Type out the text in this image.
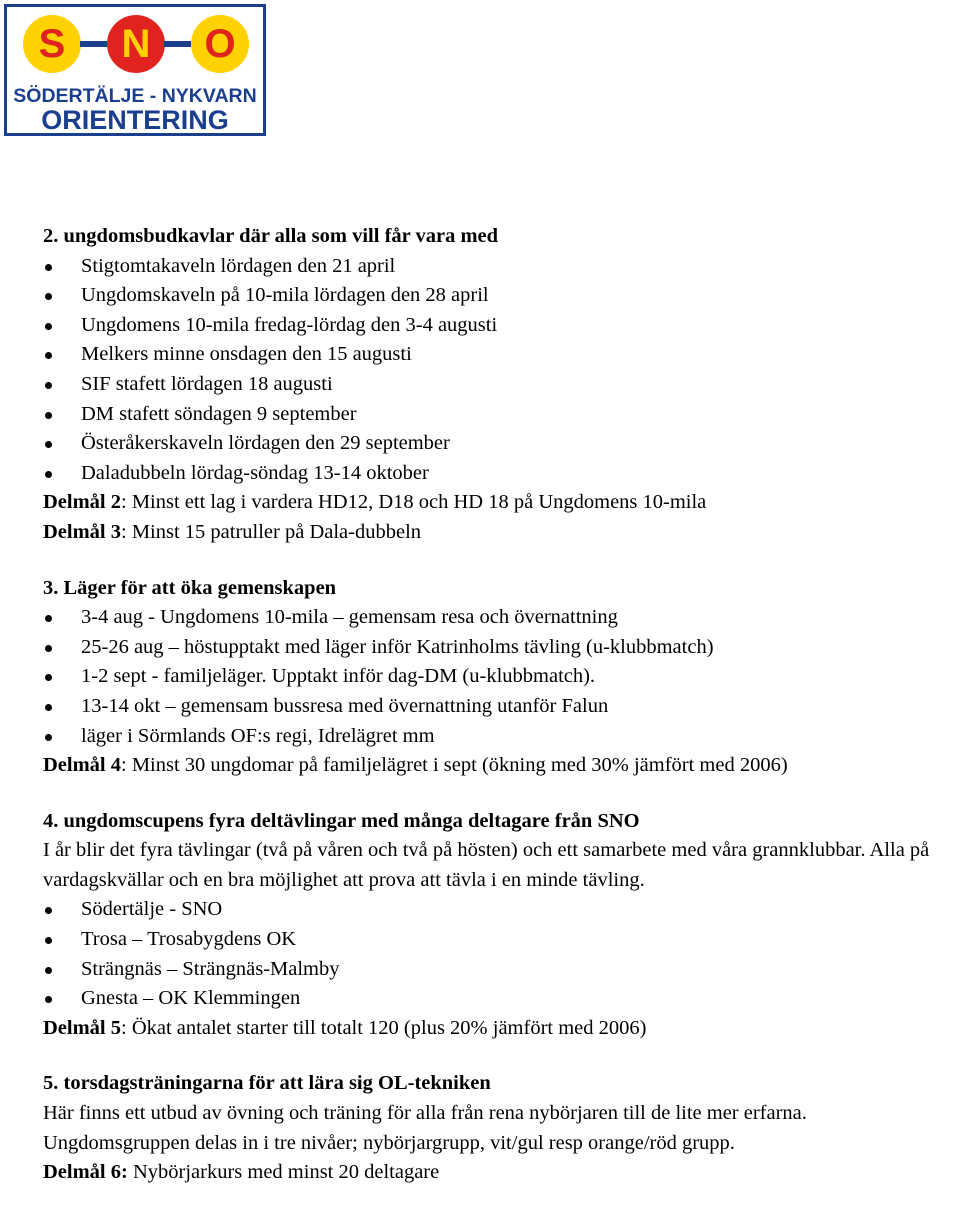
S N O
SÖDERTÄLJE - NYKVARN
ORIENTERING

2. ungdomsbudkavlar där alla som vill får vara med

Stigtomtakaveln lördagen den 21 april
Ungdomskaveln på 10-mila lördagen den 28 april
Ungdomens 10-mila fredag-lördag den 3-4 augusti
Melkers minne onsdagen den 15 augusti
SIF stafett lördagen 18 augusti
DM stafett söndagen 9 september
Österåkerskaveln lördagen den 29 september
Daladubbeln lördag-söndag 13-14 oktober

Delmål 2: Minst ett lag i vardera HD12, D18 och HD 18 på Ungdomens 10-mila

Delmål 3: Minst 15 patruller på Dala-dubbeln

3. Läger för att öka gemenskapen

3-4 aug - Ungdomens 10-mila – gemensam resa och övernattning
25-26 aug – höstupptakt med läger inför Katrinholms tävling (u-klubbmatch)
1-2 sept - familjeläger. Upptakt inför dag-DM (u-klubbmatch).
13-14 okt – gemensam bussresa med övernattning utanför Falun
läger i Sörmlands OF:s regi, Idrelägret mm

Delmål 4: Minst 30 ungdomar på familjelägret i sept (ökning med 30% jämfört med 2006)

4. ungdomscupens fyra deltävlingar med många deltagare från SNO

I år blir det fyra tävlingar (två på våren och två på hösten) och ett samarbete med våra grannklubbar. Alla på vardagskvällar och en bra möjlighet att prova att tävla i en minde tävling.

Södertälje - SNO
Trosa – Trosabygdens OK
Strängnäs – Strängnäs-Malmby
Gnesta – OK Klemmingen

Delmål 5: Ökat antalet starter till totalt 120 (plus 20% jämfört med 2006)

5. torsdagsträningarna för att lära sig OL-tekniken

Här finns ett utbud av övning och träning för alla från rena nybörjaren till de lite mer erfarna.

Ungdomsgruppen delas in i tre nivåer; nybörjargrupp, vit/gul resp orange/röd grupp.

Delmål 6: Nybörjarkurs med minst 20 deltagare
